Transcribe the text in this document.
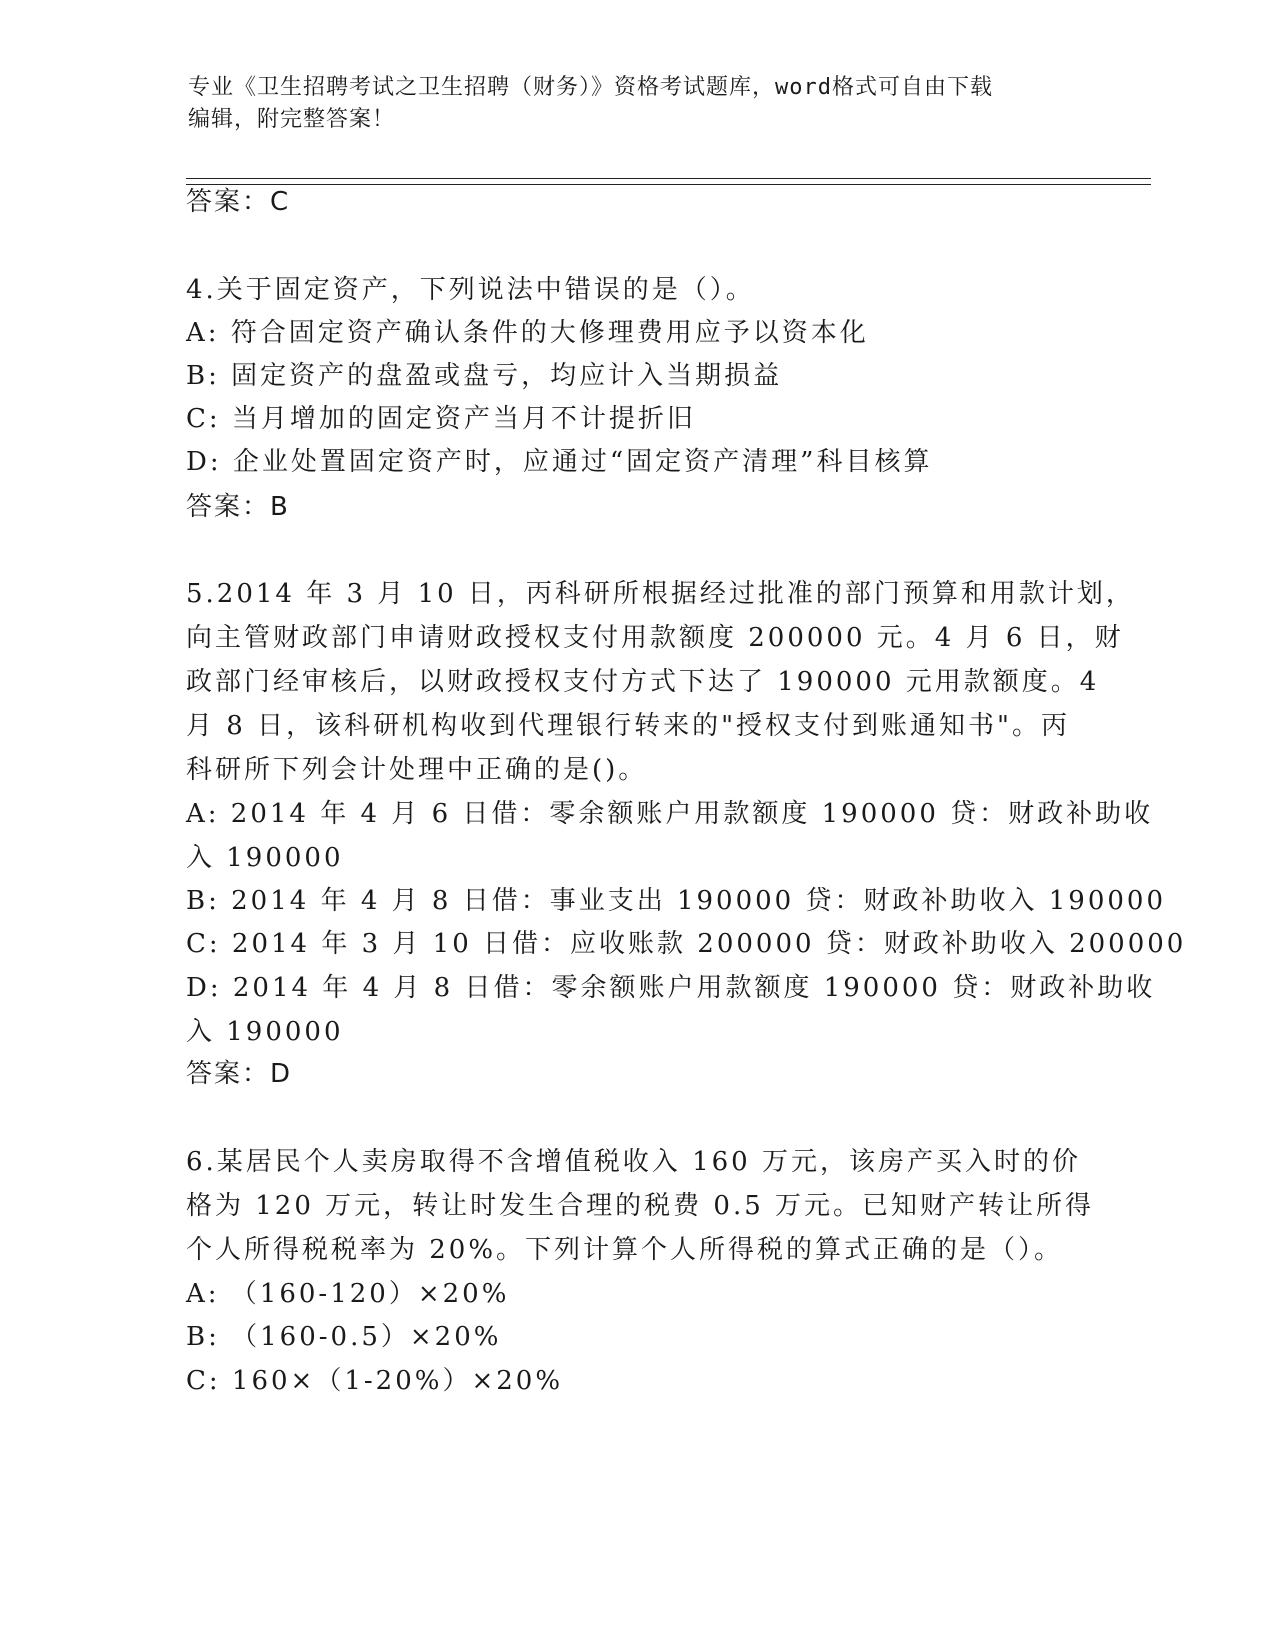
专业《卫生招聘考试之卫生招聘（财务）》资格考试题库，word格式可自由下载
编辑，附完整答案！
答案：C
4.关于固定资产，下列说法中错误的是（）。
A: 符合固定资产确认条件的大修理费用应予以资本化
B: 固定资产的盘盈或盘亏，均应计入当期损益
C: 当月增加的固定资产当月不计提折旧
D: 企业处置固定资产时，应通过“固定资产清理”科目核算
答案：B
5.2014 年 3 月 10 日，丙科研所根据经过批准的部门预算和用款计划，
向主管财政部门申请财政授权支付用款额度 200000 元。4 月 6 日，财
政部门经审核后，以财政授权支付方式下达了 190000 元用款额度。4
月 8 日，该科研机构收到代理银行转来的"授权支付到账通知书"。丙
科研所下列会计处理中正确的是()。
A: 2014 年 4 月 6 日借：零余额账户用款额度 190000 贷：财政补助收
入 190000
B: 2014 年 4 月 8 日借：事业支出 190000 贷：财政补助收入 190000
C: 2014 年 3 月 10 日借：应收账款 200000 贷：财政补助收入 200000
D: 2014 年 4 月 8 日借：零余额账户用款额度 190000 贷：财政补助收
入 190000
答案：D
6.某居民个人卖房取得不含增值税收入 160 万元，该房产买入时的价
格为 120 万元，转让时发生合理的税费 0.5 万元。已知财产转让所得
个人所得税税率为 20%。下列计算个人所得税的算式正确的是（）。
A: （160-120）×20%
B: （160-0.5）×20%
C: 160×（1-20%）×20%
